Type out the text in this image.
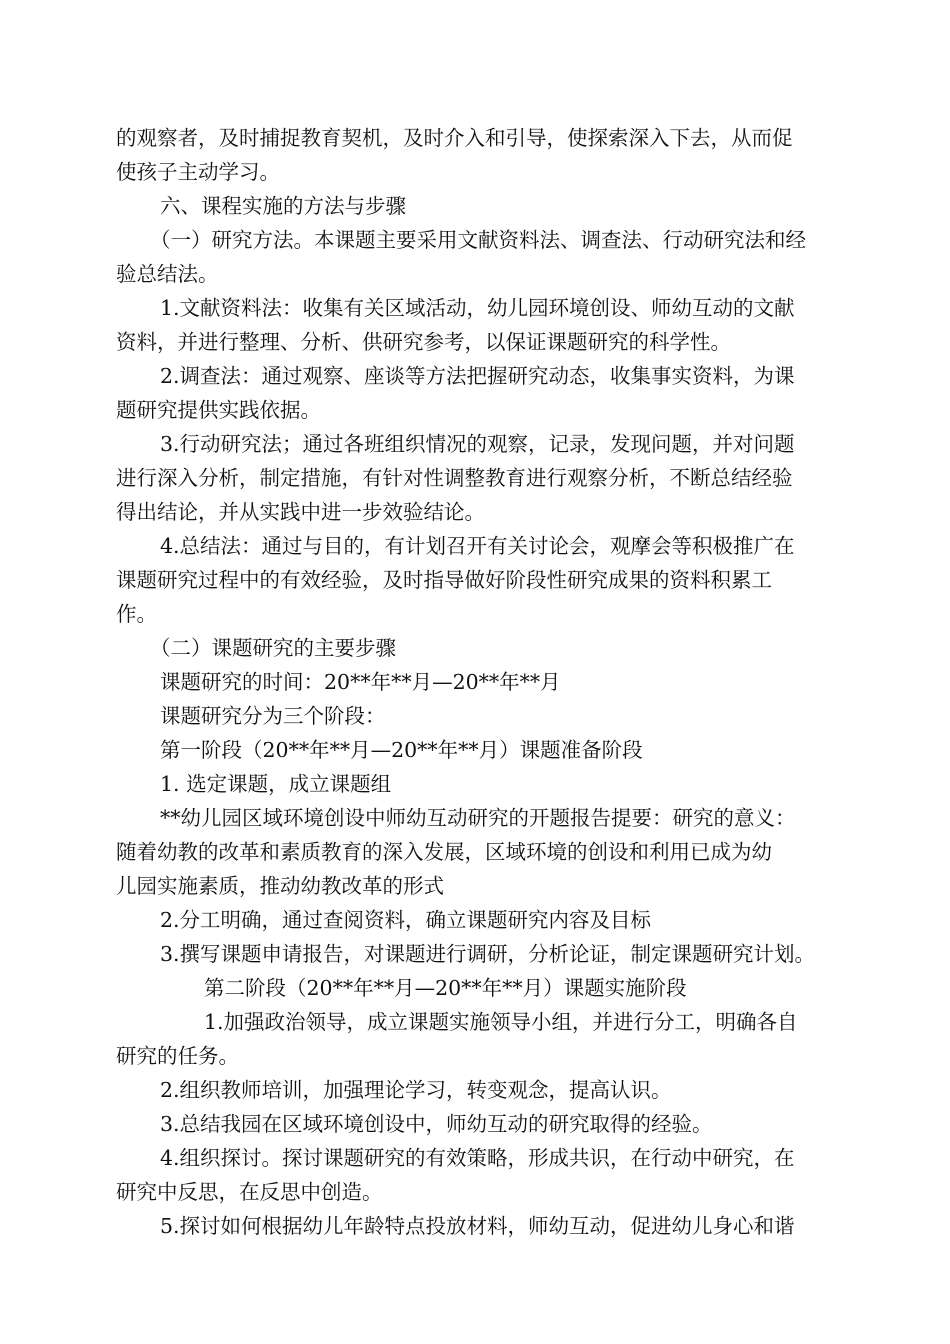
的观察者，及时捕捉教育契机，及时介入和引导，使探索深入下去，从而促
使孩子主动学习。
六、课程实施的方法与步骤
（一）研究方法。本课题主要采用文献资料法、调查法、行动研究法和经
验总结法。
1.文献资料法：收集有关区域活动，幼儿园环境创设、师幼互动的文献
资料，并进行整理、分析、供研究参考，以保证课题研究的科学性。
2.调查法：通过观察、座谈等方法把握研究动态，收集事实资料，为课
题研究提供实践依据。
3.行动研究法；通过各班组织情况的观察，记录，发现问题，并对问题
进行深入分析，制定措施，有针对性调整教育进行观察分析，不断总结经验
得出结论，并从实践中进一步效验结论。
4.总结法：通过与目的，有计划召开有关讨论会，观摩会等积极推广在
课题研究过程中的有效经验，及时指导做好阶段性研究成果的资料积累工
作。
（二）课题研究的主要步骤
课题研究的时间：20**年**月—20**年**月
课题研究分为三个阶段：
第一阶段（20**年**月—20**年**月）课题准备阶段
1. 选定课题，成立课题组
**幼儿园区域环境创设中师幼互动研究的开题报告提要：研究的意义：
随着幼教的改革和素质教育的深入发展，区域环境的创设和利用已成为幼
儿园实施素质，推动幼教改革的形式
2.分工明确，通过查阅资料，确立课题研究内容及目标
3.撰写课题申请报告，对课题进行调研，分析论证，制定课题研究计划。
第二阶段（20**年**月—20**年**月）课题实施阶段
1.加强政治领导，成立课题实施领导小组，并进行分工，明确各自
研究的任务。
2.组织教师培训，加强理论学习，转变观念，提高认识。
3.总结我园在区域环境创设中，师幼互动的研究取得的经验。
4.组织探讨。探讨课题研究的有效策略，形成共识，在行动中研究，在
研究中反思，在反思中创造。
5.探讨如何根据幼儿年龄特点投放材料，师幼互动，促进幼儿身心和谐
